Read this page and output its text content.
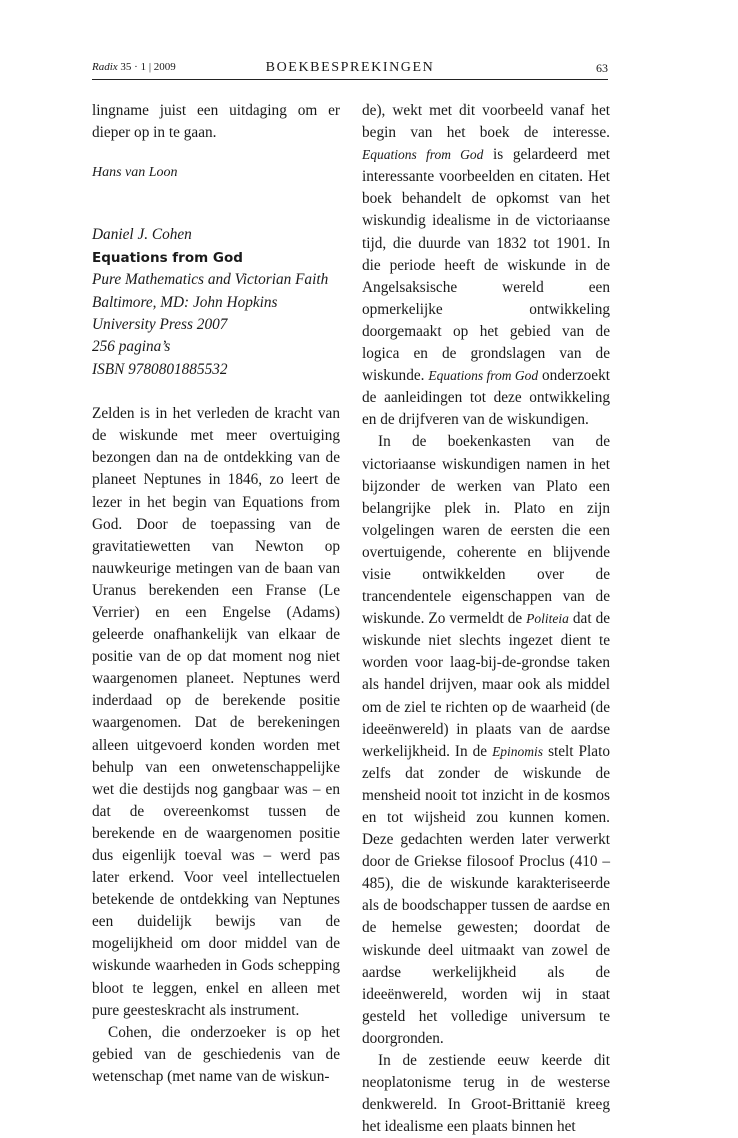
Radix 35 · 1 | 2009	BOEKBESPREKINGEN	63

lingname juist een uitdaging om er dieper op in te gaan.

Hans van Loon

Daniel J. Cohen
Equations from God
Pure Mathematics and Victorian Faith
Baltimore, MD: John Hopkins
University Press 2007
256 pagina’s
ISBN 9780801885532

Zelden is in het verleden de kracht van de wiskunde met meer overtuiging bezongen dan na de ontdekking van de planeet Neptunes in 1846, zo leert de lezer in het begin van Equations from God. Door de toepassing van de gravitatiewetten van Newton op nauwkeurige metingen van de baan van Uranus berekenden een Franse (Le Verrier) en een Engelse (Adams) geleerde onafhankelijk van elkaar de positie van de op dat moment nog niet waargenomen planeet. Neptunes werd inderdaad op de berekende positie waargenomen. Dat de berekeningen alleen uitgevoerd konden worden met behulp van een onwetenschappelijke wet die destijds nog gangbaar was – en dat de overeenkomst tussen de berekende en de waargenomen positie dus eigenlijk toeval was – werd pas later erkend. Voor veel intellectuelen betekende de ontdekking van Neptunes een duidelijk bewijs van de mogelijkheid om door middel van de wiskunde waarheden in Gods schepping bloot te leggen, enkel en alleen met pure geesteskracht als instrument.

Cohen, die onderzoeker is op het gebied van de geschiedenis van de wetenschap (met name van de wiskun-

de), wekt met dit voorbeeld vanaf het begin van het boek de interesse. Equations from God is gelardeerd met interessante voorbeelden en citaten. Het boek behandelt de opkomst van het wiskundig idealisme in de victoriaanse tijd, die duurde van 1832 tot 1901. In die periode heeft de wiskunde in de Angelsaksische wereld een opmerkelijke ontwikkeling doorgemaakt op het gebied van de logica en de grondslagen van de wiskunde. Equations from God onderzoekt de aanleidingen tot deze ontwikkeling en de drijfveren van de wiskundigen.

In de boekenkasten van de victoriaanse wiskundigen namen in het bijzonder de werken van Plato een belangrijke plek in. Plato en zijn volgelingen waren de eersten die een overtuigende, coherente en blijvende visie ontwikkelden over de trancendentele eigenschappen van de wiskunde. Zo vermeldt de Politeia dat de wiskunde niet slechts ingezet dient te worden voor laag-bij-de-grondse taken als handel drijven, maar ook als middel om de ziel te richten op de waarheid (de ideeënwereld) in plaats van de aardse werkelijkheid. In de Epinomis stelt Plato zelfs dat zonder de wiskunde de mensheid nooit tot inzicht in de kosmos en tot wijsheid zou kunnen komen. Deze gedachten werden later verwerkt door de Griekse filosoof Proclus (410 – 485), die de wiskunde karakteriseerde als de boodschapper tussen de aardse en de hemelse gewesten; doordat de wiskunde deel uitmaakt van zowel de aardse werkelijkheid als de ideeënwereld, worden wij in staat gesteld het volledige universum te doorgronden.

In de zestiende eeuw keerde dit neoplatonisme terug in de westerse denkwereld. In Groot-Brittanië kreeg het idealisme een plaats binnen het
